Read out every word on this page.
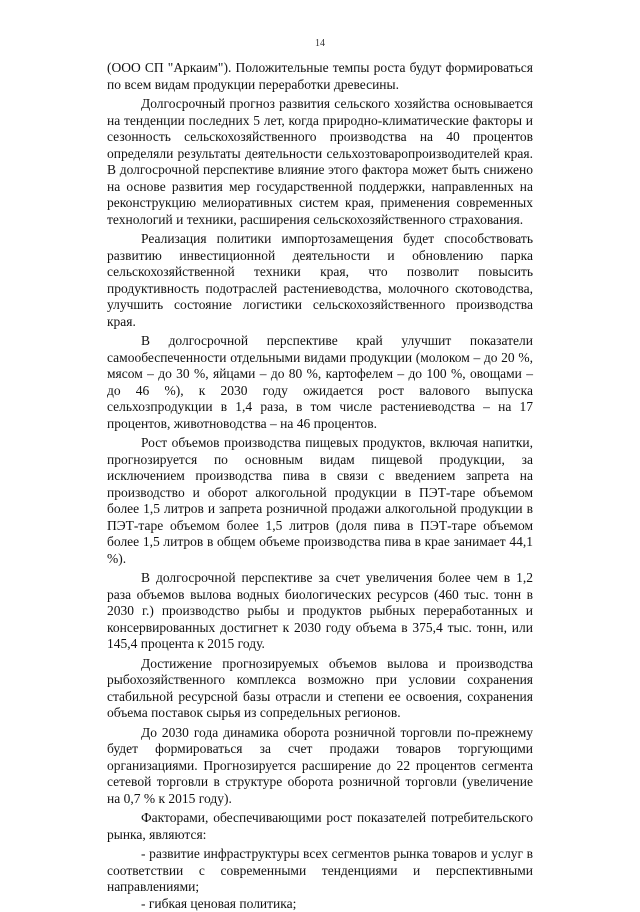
14

(ООО СП "Аркаим"). Положительные темпы роста будут формироваться по всем видам продукции переработки древесины.

Долгосрочный прогноз развития сельского хозяйства основывается на тенденции последних 5 лет, когда природно-климатические факторы и сезонность сельскохозяйственного производства на 40 процентов определяли результаты деятельности сельхозтоваропроизводителей края. В долгосрочной перспективе влияние этого фактора может быть снижено на основе развития мер государственной поддержки, направленных на реконструкцию мелиоративных систем края, применения современных технологий и техники, расширения сельскохозяйственного страхования.

Реализация политики импортозамещения будет способствовать развитию инвестиционной деятельности и обновлению парка сельскохозяйственной техники края, что позволит повысить продуктивность подотраслей растениеводства, молочного скотоводства, улучшить состояние логистики сельскохозяйственного производства края.

В долгосрочной перспективе край улучшит показатели самообеспеченности отдельными видами продукции (молоком – до 20 %, мясом – до 30 %, яйцами – до 80 %, картофелем – до 100 %, овощами – до 46 %), к 2030 году ожидается рост валового выпуска сельхозпродукции в 1,4 раза, в том числе растениеводства – на 17 процентов, животноводства – на 46 процентов.

Рост объемов производства пищевых продуктов, включая напитки, прогнозируется по основным видам пищевой продукции, за исключением производства пива в связи с введением запрета на производство и оборот алкогольной продукции в ПЭТ-таре объемом более 1,5 литров и запрета розничной продажи алкогольной продукции в ПЭТ-таре объемом более 1,5 литров (доля пива в ПЭТ-таре объемом более 1,5 литров в общем объеме производства пива в крае занимает 44,1 %).

В долгосрочной перспективе за счет увеличения более чем в 1,2 раза объемов вылова водных биологических ресурсов (460 тыс. тонн в 2030 г.) производство рыбы и продуктов рыбных переработанных и консервированных достигнет к 2030 году объема в 375,4 тыс. тонн, или 145,4 процента к 2015 году.

Достижение прогнозируемых объемов вылова и производства рыбохозяйственного комплекса возможно при условии сохранения стабильной ресурсной базы отрасли и степени ее освоения, сохранения объема поставок сырья из сопредельных регионов.

До 2030 года динамика оборота розничной торговли по-прежнему будет формироваться за счет продажи товаров торгующими организациями. Прогнозируется расширение до 22 процентов сегмента сетевой торговли в структуре оборота розничной торговли (увеличение на 0,7 % к 2015 году).

Факторами, обеспечивающими рост показателей потребительского рынка, являются:

- развитие инфраструктуры всех сегментов рынка товаров и услуг в соответствии с современными тенденциями и перспективными направлениями;

- гибкая ценовая политика;
